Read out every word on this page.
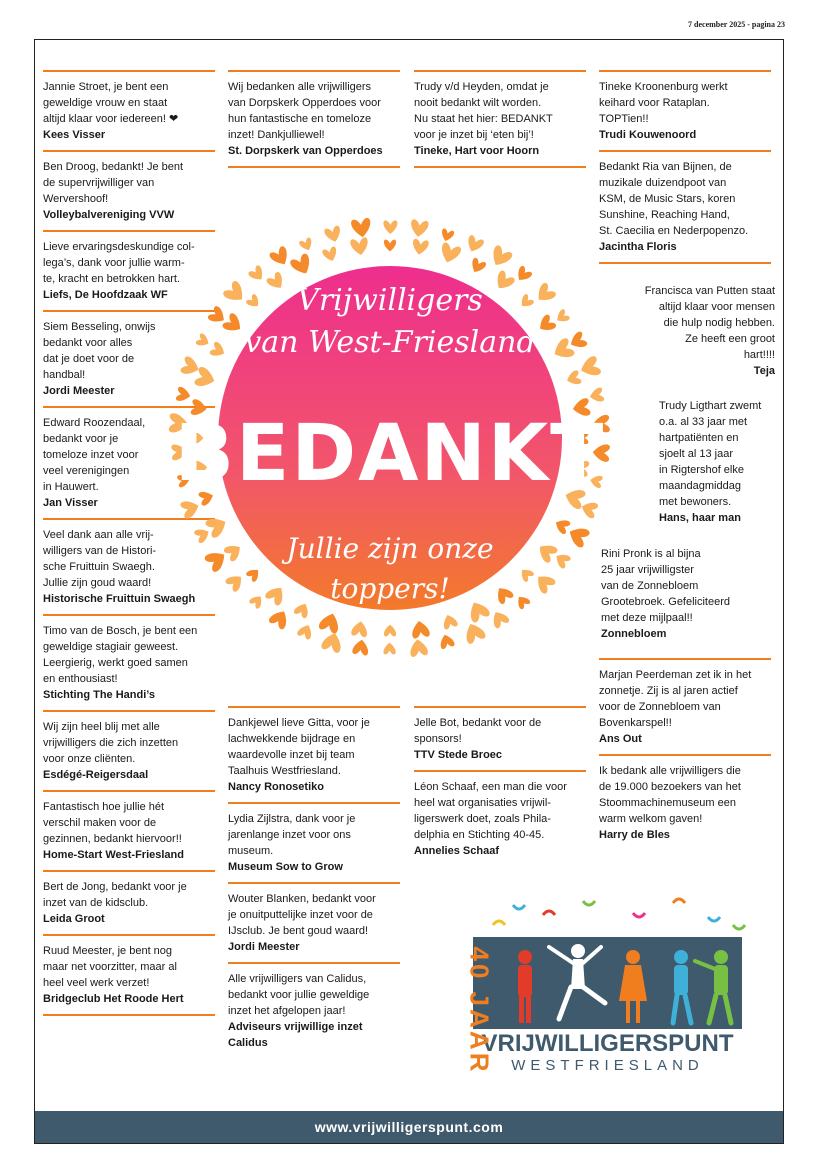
7 december 2025 - pagina 23
Jannie Stroet, je bent een
geweldige vrouw en staat
altijd klaar voor iedereen! ❤
Kees Visser
Ben Droog, bedankt! Je bent
de supervrijwilliger van
Wervershoof!
Volleybalvereniging VVW
Lieve ervaringsdeskundige col-
lega’s, dank voor jullie warm-
te, kracht en betrokken hart.
Liefs, De Hoofdzaak WF
Siem Besseling, onwijs
bedankt voor alles
dat je doet voor de
handbal!
Jordi Meester
Edward Roozendaal,
bedankt voor je
tomeloze inzet voor
veel verenigingen
in Hauwert.
Jan Visser
Veel dank aan alle vrij-
willigers van de Histori-
sche Fruittuin Swaegh.
Jullie zijn goud waard!
Historische Fruittuin Swaegh
Timo van de Bosch, je bent een
geweldige stagiair geweest.
Leergierig, werkt goed samen
en enthousiast!
Stichting The Handi’s
Wij zijn heel blij met alle
vrijwilligers die zich inzetten
voor onze cliënten.
Esdégé-Reigersdaal
Fantastisch hoe jullie hét
verschil maken voor de
gezinnen, bedankt hiervoor!!
Home-Start West-Friesland
Bert de Jong, bedankt voor je
inzet van de kidsclub.
Leida Groot
Ruud Meester, je bent nog
maar net voorzitter, maar al
heel veel werk verzet!
Bridgeclub Het Roode Hert
Wij bedanken alle vrijwilligers
van Dorpskerk Opperdoes voor
hun fantastische en tomeloze
inzet! Dankjulliewel!
St. Dorpskerk van Opperdoes
Trudy v/d Heyden, omdat je
nooit bedankt wilt worden.
Nu staat het hier: BEDANKT
voor je inzet bij ‘eten bij’!
Tineke, Hart voor Hoorn
Tineke Kroonenburg werkt
keihard voor Rataplan.
TOPTien!!
Trudi Kouwenoord
Bedankt Ria van Bijnen, de
muzikale duizendpoot van
KSM, de Music Stars, koren
Sunshine, Reaching Hand,
St. Caecilia en Nederpopenzo.
Jacintha Floris
Dankjewel lieve Gitta, voor je
lachwekkende bijdrage en
waardevolle inzet bij team
Taalhuis Westfriesland.
Nancy Ronosetiko
Lydia Zijlstra, dank voor je
jarenlange inzet voor ons
museum.
Museum Sow to Grow
Wouter Blanken, bedankt voor
je onuitputtelijke inzet voor de
IJsclub. Je bent goud waard!
Jordi Meester
Alle vrijwilligers van Calidus,
bedankt voor jullie geweldige
inzet het afgelopen jaar!
Adviseurs vrijwillige inzet Calidus
Jelle Bot, bedankt voor de
sponsors!
TTV Stede Broec
Léon Schaaf, een man die voor
heel wat organisaties vrijwil-
ligerswerk doet, zoals Phila-
delphia en Stichting 40-45.
Annelies Schaaf
Marjan Peerdeman zet ik in het
zonnetje. Zij is al jaren actief
voor de Zonnebloem van
Bovenkarspel!!
Ans Out
Ik bedank alle vrijwilligers die
de 19.000 bezoekers van het
Stoommachinemuseum een
warm welkom gaven!
Harry de Bles
Francisca van Putten staat
altijd klaar voor mensen
die hulp nodig hebben.
Ze heeft een groot
hart!!!!
Teja
Trudy Ligthart zwemt
o.a. al 33 jaar met
hartpatiënten en
sjoelt al 13 jaar
in Rigtershof elke
maandagmiddag
met bewoners.
Hans, haar man
Rini Pronk is al bijna
25 jaar vrijwilligster
van de Zonnebloem
Grootebroek. Gefeliciteerd
met deze mijlpaal!!
Zonnebloem
Vrijwilligers
van West-Friesland
BEDANKT
Jullie zijn onze
toppers!
VRIJWILLIGERSPUNT
WESTFRIESLAND
40 JAAR
www.vrijwilligerspunt.com
